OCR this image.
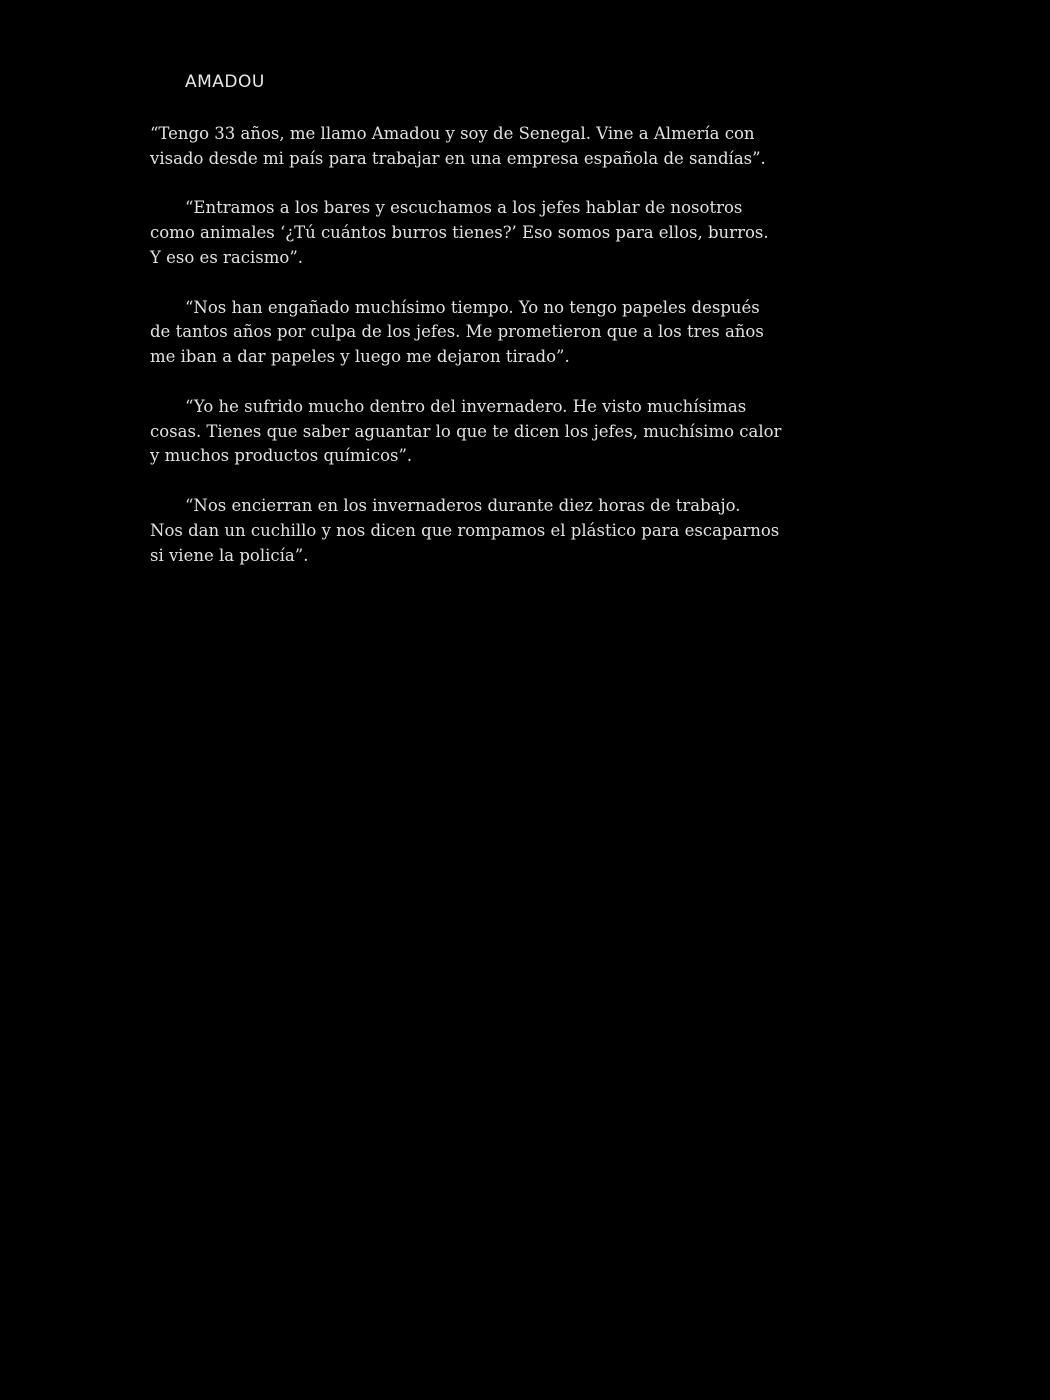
AMADOU

“Tengo 33 años, me llamo Amadou y soy de Senegal. Vine a Almería con
visado desde mi país para trabajar en una empresa española de sandías”.

“Entramos a los bares y escuchamos a los jefes hablar de nosotros
como animales ‘¿Tú cuántos burros tienes?’ Eso somos para ellos, burros.
Y eso es racismo”.

“Nos han engañado muchísimo tiempo. Yo no tengo papeles después
de tantos años por culpa de los jefes. Me prometieron que a los tres años
me iban a dar papeles y luego me dejaron tirado”.

“Yo he sufrido mucho dentro del invernadero. He visto muchísimas
cosas. Tienes que saber aguantar lo que te dicen los jefes, muchísimo calor
y muchos productos químicos”.

“Nos encierran en los invernaderos durante diez horas de trabajo.
Nos dan un cuchillo y nos dicen que rompamos el plástico para escaparnos
si viene la policía”.
